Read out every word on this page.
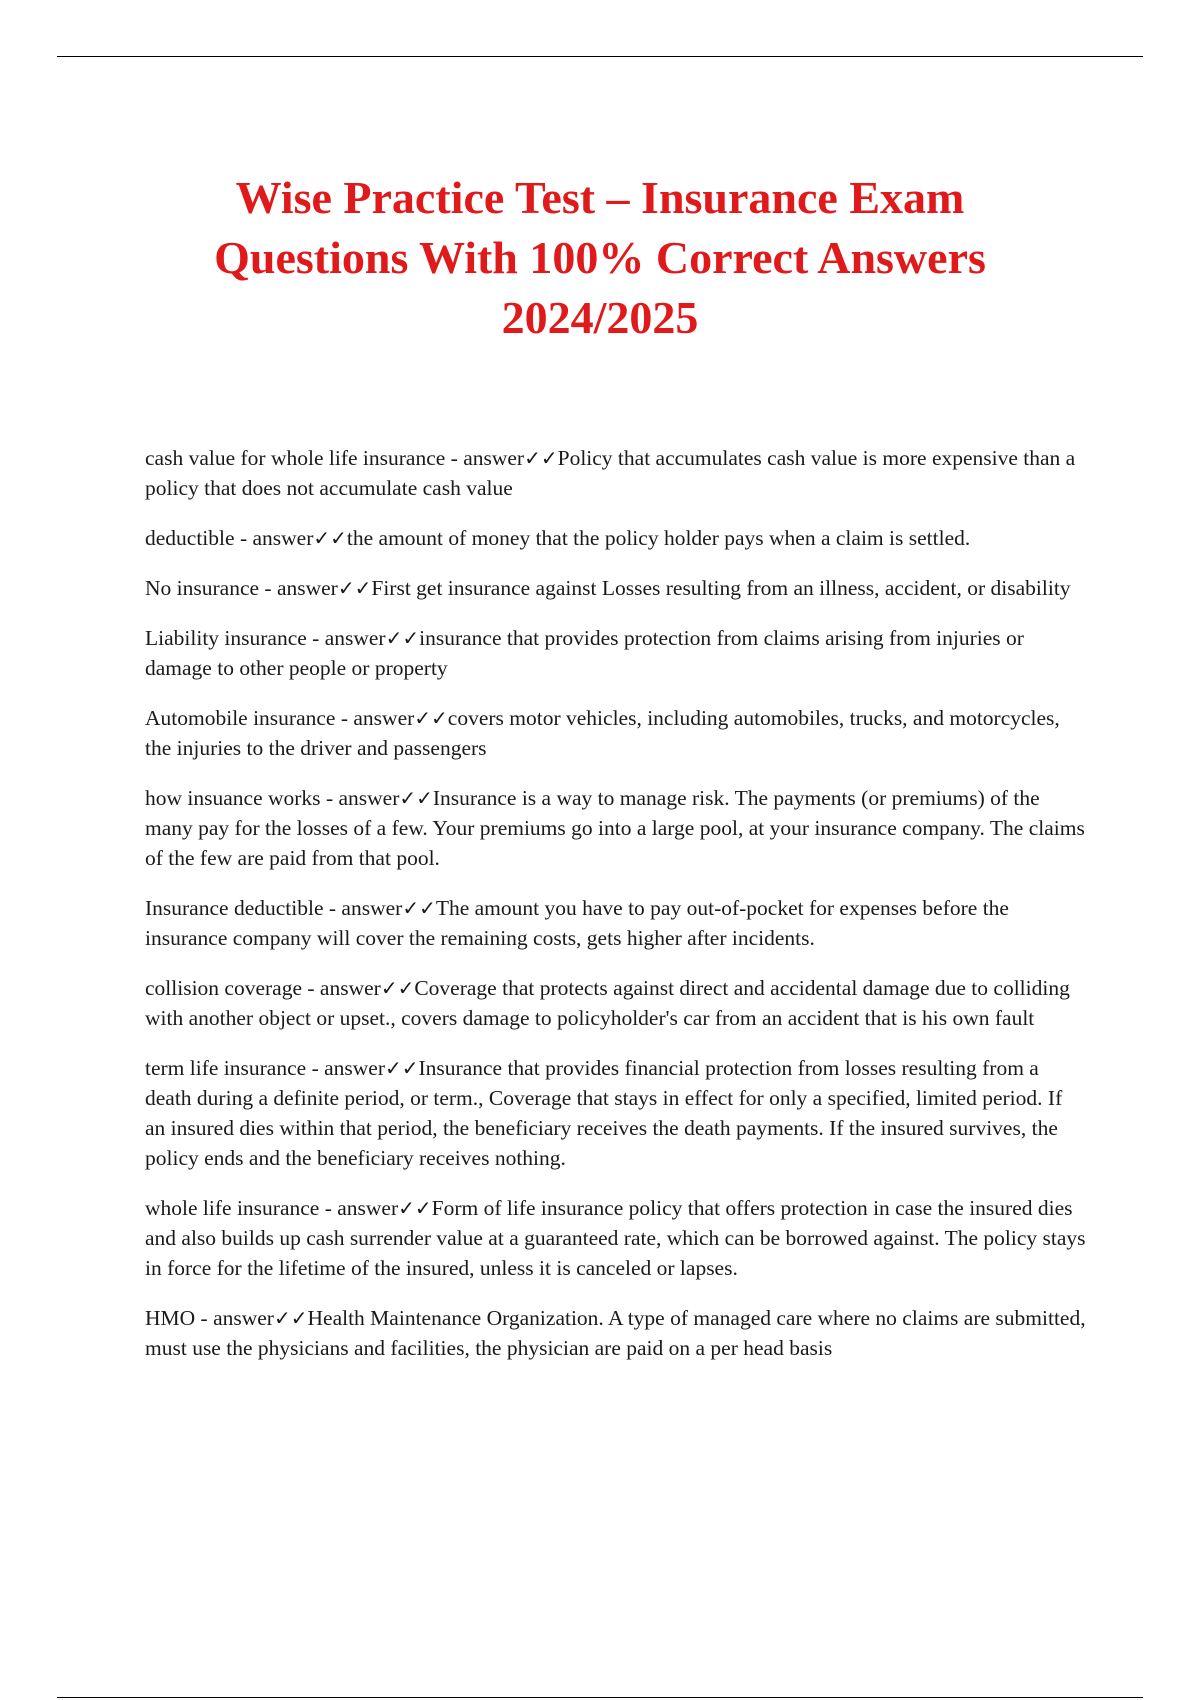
Wise Practice Test – Insurance Exam
Questions With 100% Correct Answers
2024/2025

cash value for whole life insurance - answer✓✓Policy that accumulates cash value is more expensive than a policy that does not accumulate cash value

deductible - answer✓✓the amount of money that the policy holder pays when a claim is settled.

No insurance - answer✓✓First get insurance against Losses resulting from an illness, accident, or disability

Liability insurance - answer✓✓insurance that provides protection from claims arising from injuries or damage to other people or property

Automobile insurance - answer✓✓covers motor vehicles, including automobiles, trucks, and motorcycles, the injuries to the driver and passengers

how insuance works - answer✓✓Insurance is a way to manage risk. The payments (or premiums) of the many pay for the losses of a few. Your premiums go into a large pool, at your insurance company. The claims of the few are paid from that pool.

Insurance deductible - answer✓✓The amount you have to pay out-of-pocket for expenses before the insurance company will cover the remaining costs, gets higher after incidents.

collision coverage - answer✓✓Coverage that protects against direct and accidental damage due to colliding with another object or upset., covers damage to policyholder's car from an accident that is his own fault

term life insurance - answer✓✓Insurance that provides financial protection from losses resulting from a death during a definite period, or term., Coverage that stays in effect for only a specified, limited period. If an insured dies within that period, the beneficiary receives the death payments. If the insured survives, the policy ends and the beneficiary receives nothing.

whole life insurance - answer✓✓Form of life insurance policy that offers protection in case the insured dies and also builds up cash surrender value at a guaranteed rate, which can be borrowed against. The policy stays in force for the lifetime of the insured, unless it is canceled or lapses.

HMO - answer✓✓Health Maintenance Organization. A type of managed care where no claims are submitted, must use the physicians and facilities, the physician are paid on a per head basis
